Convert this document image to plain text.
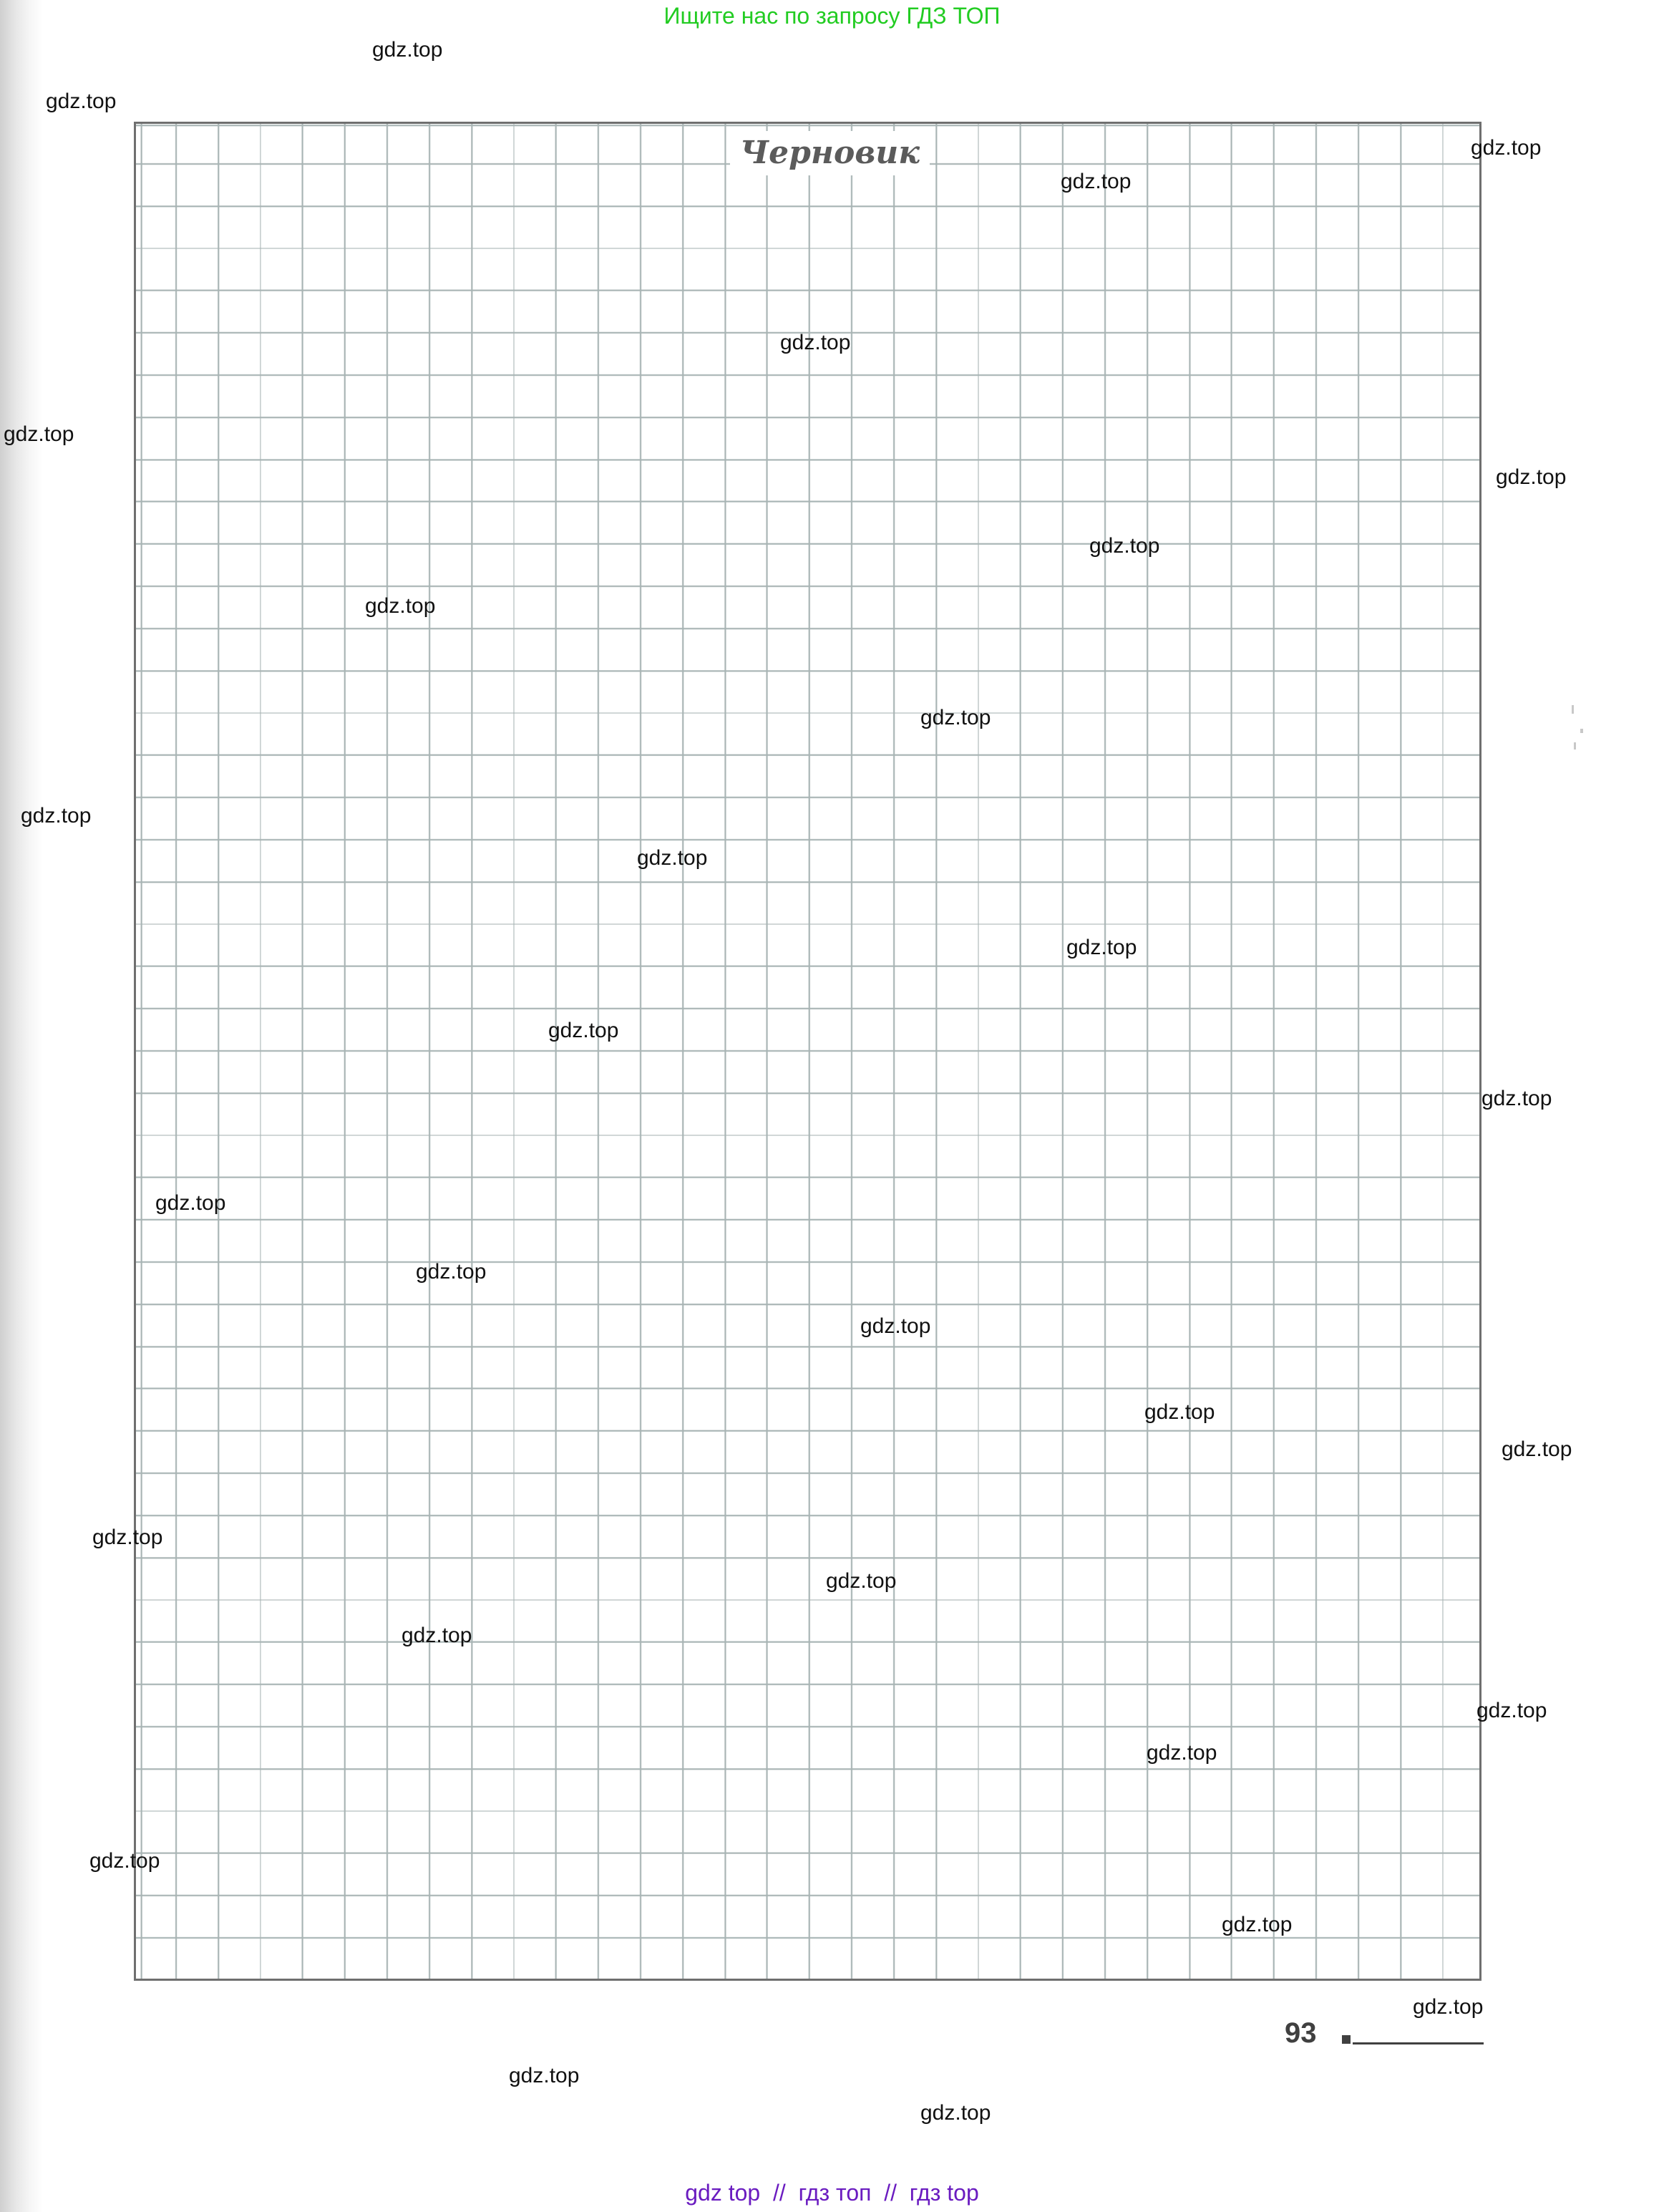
Ищите нас по запросу ГДЗ ТОП
Черновик
gdz.top
gdz.top
gdz.top
gdz.top
gdz.top
gdz.top
gdz.top
gdz.top
gdz.top
gdz.top
gdz.top
gdz.top
gdz.top
gdz.top
gdz.top
gdz.top
gdz.top
gdz.top
gdz.top
gdz.top
gdz.top
gdz.top
gdz.top
gdz.top
gdz.top
gdz.top
gdz.top
gdz.top
gdz.top
gdz.top
93
gdz top  //  гдз топ  //  гдз top
